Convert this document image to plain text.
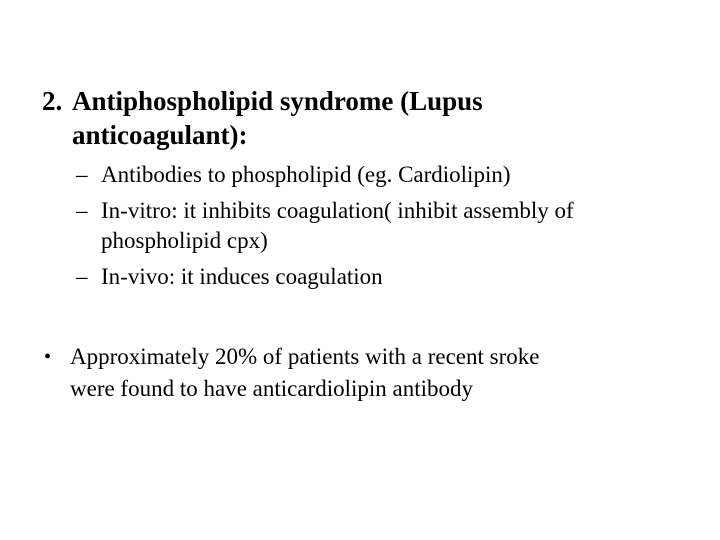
2. Antiphospholipid syndrome (Lupus
anticoagulant):
– Antibodies to phospholipid (eg. Cardiolipin)
– In-vitro: it inhibits coagulation( inhibit assembly of
phospholipid cpx)
– In-vivo: it induces coagulation
• Approximately 20% of patients with a recent sroke
were found to have anticardiolipin antibody
